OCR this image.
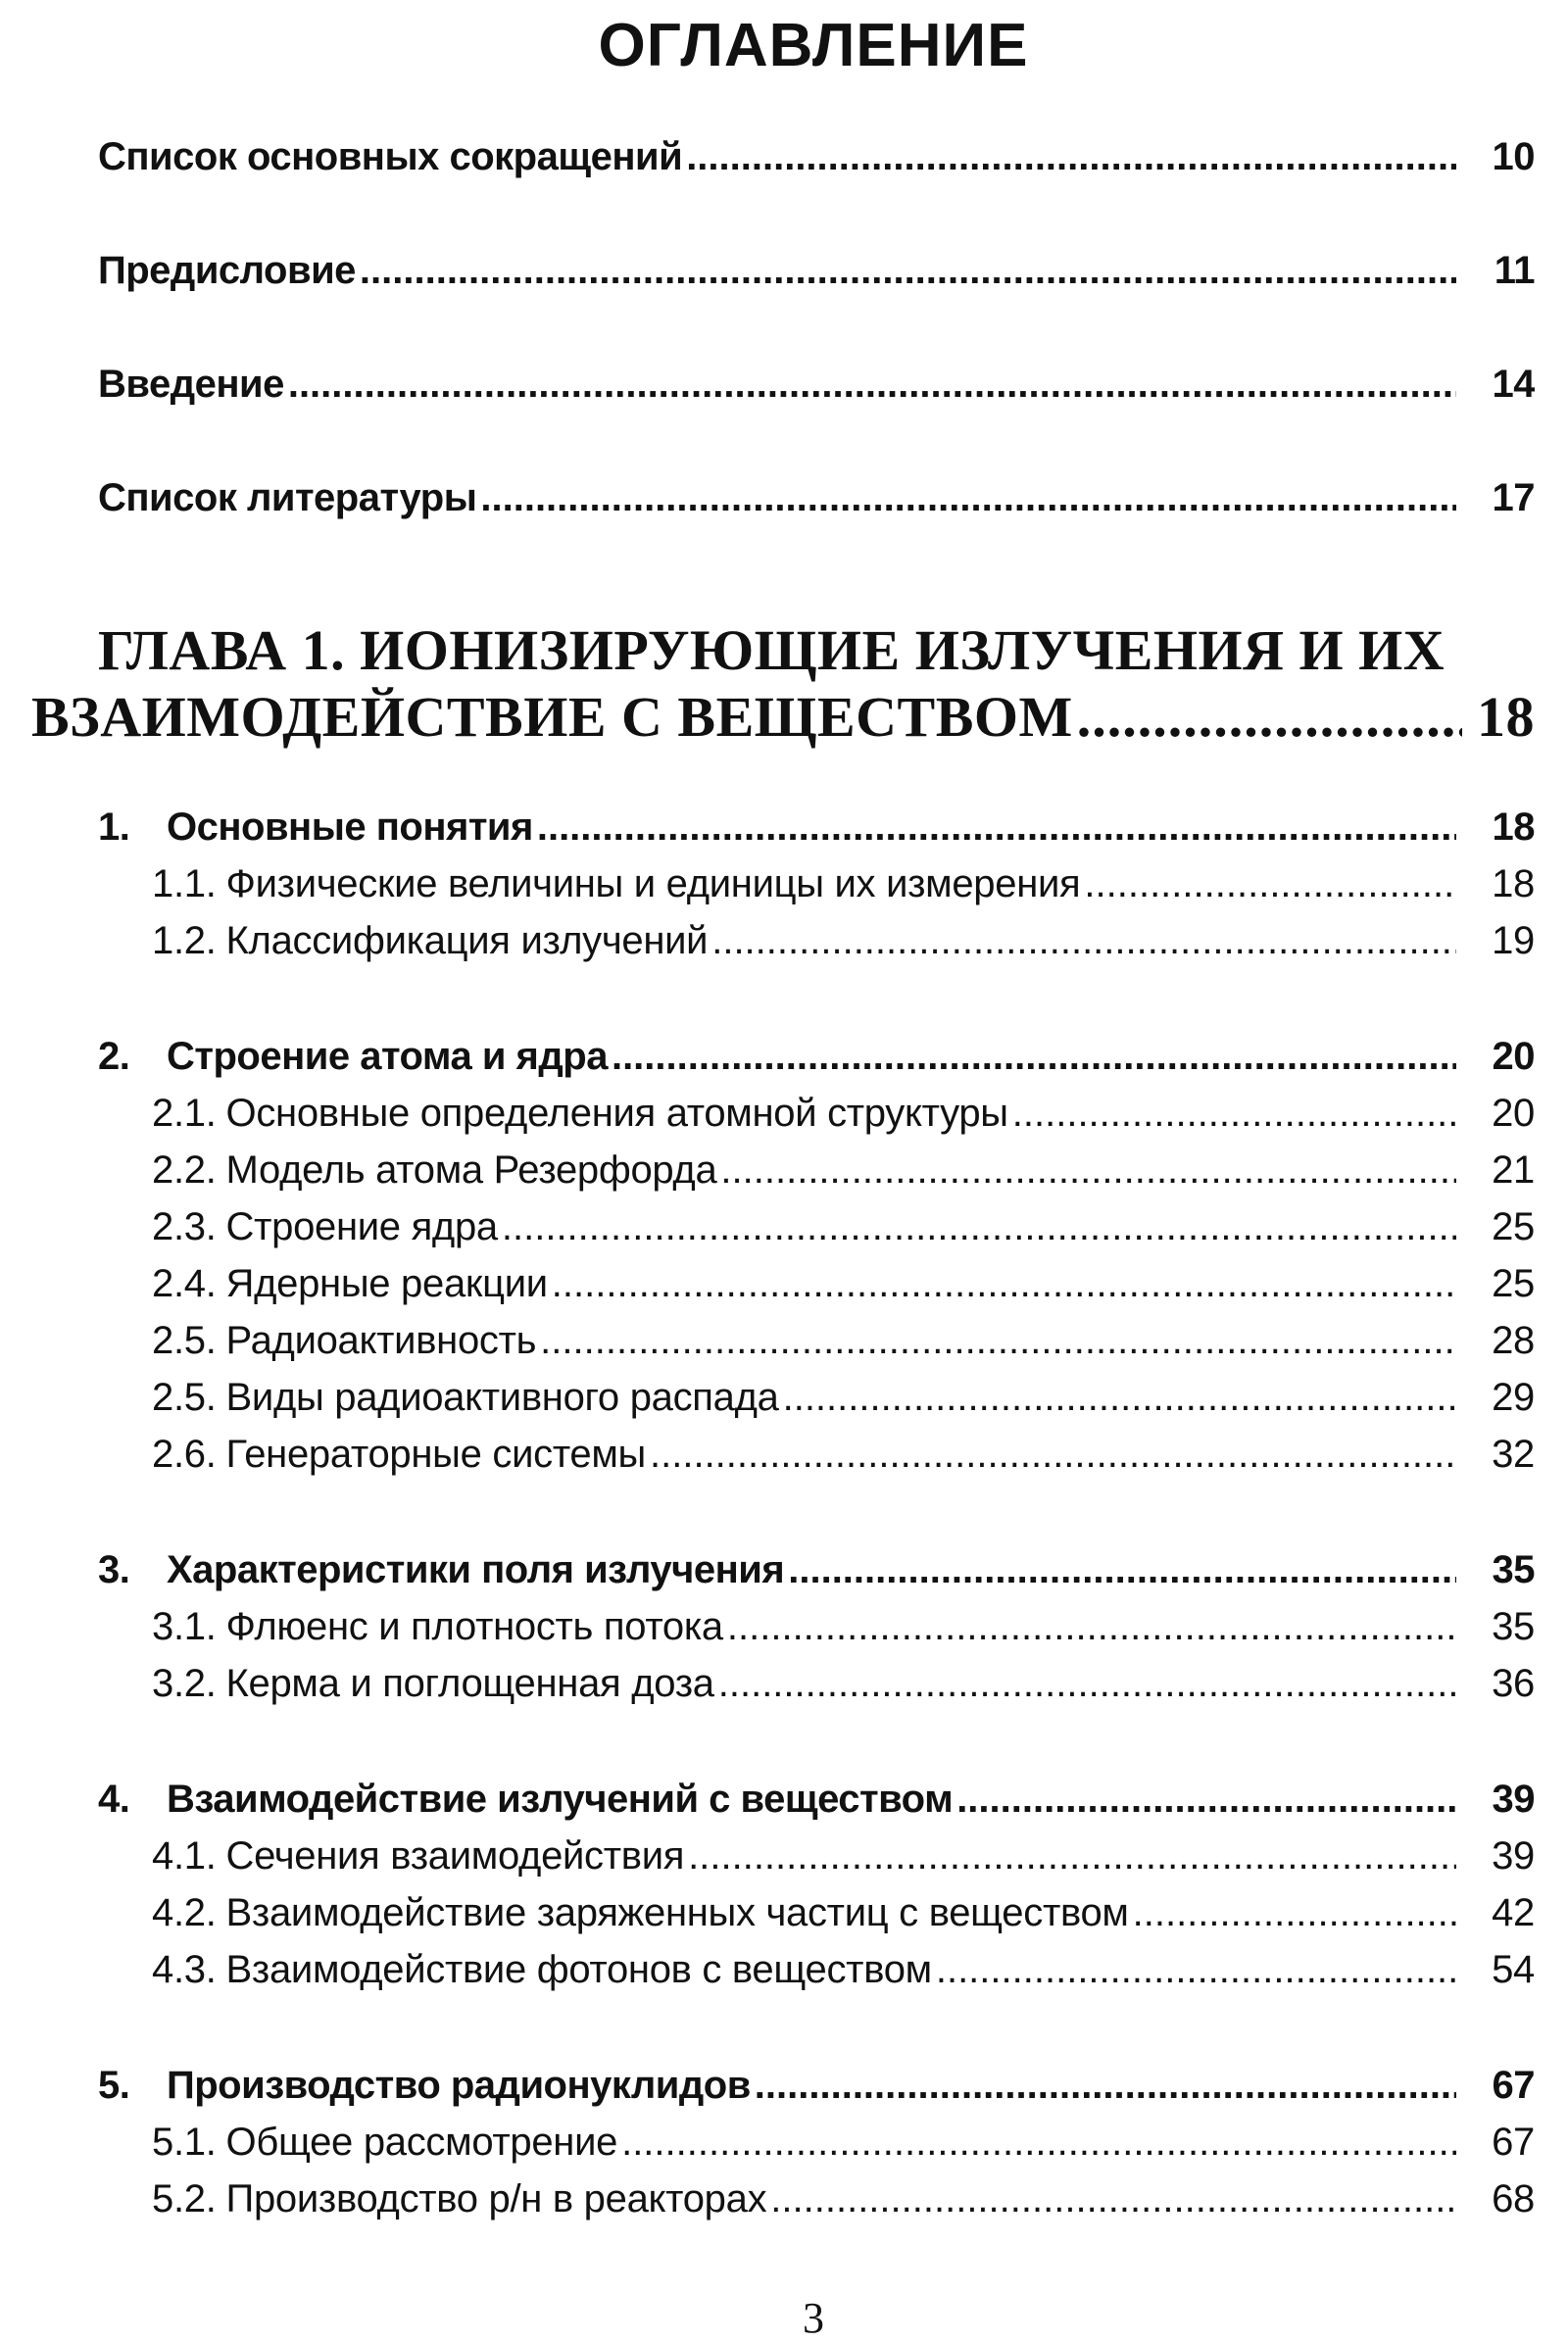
ОГЛАВЛЕНИЕ
Список основных сокращений .....	10
Предисловие .....	11
Введение .....	14
Список литературы .....	17
ГЛАВА 1. ИОНИЗИРУЮЩИЕ ИЗЛУЧЕНИЯ И ИХ
ВЗАИМОДЕЙСТВИЕ С ВЕЩЕСТВОМ .....	18
1. Основные понятия .....	18
1.1. Физические величины и единицы их измерения .....	18
1.2. Классификация излучений .....	19
2. Строение атома и ядра .....	20
2.1. Основные определения атомной структуры .....	20
2.2. Модель атома Резерфорда .....	21
2.3. Строение ядра .....	25
2.4. Ядерные реакции .....	25
2.5. Радиоактивность .....	28
2.5. Виды радиоактивного распада .....	29
2.6. Генераторные системы .....	32
3. Характеристики поля излучения .....	35
3.1. Флюенс и плотность потока .....	35
3.2. Керма и поглощенная доза .....	36
4. Взаимодействие излучений с веществом .....	39
4.1. Сечения взаимодействия .....	39
4.2. Взаимодействие заряженных частиц с веществом .....	42
4.3. Взаимодействие фотонов с веществом .....	54
5. Производство радионуклидов .....	67
5.1. Общее рассмотрение .....	67
5.2. Производство р/н в реакторах .....	68
3
